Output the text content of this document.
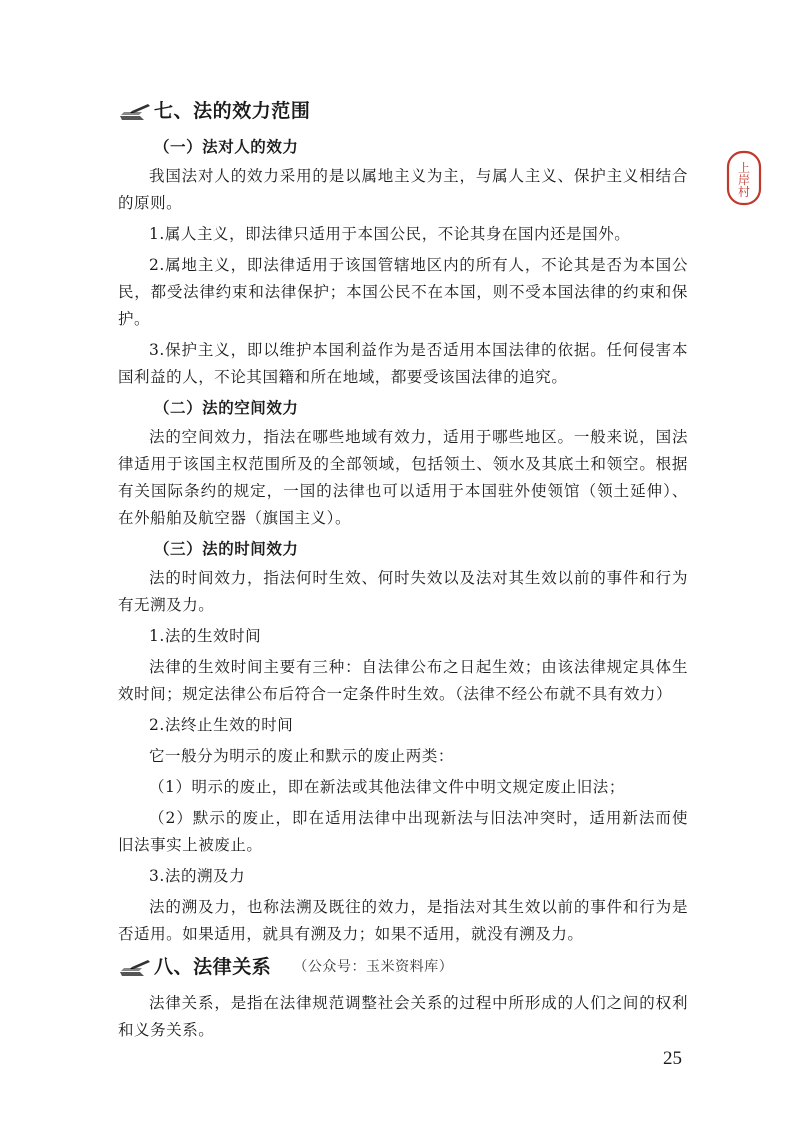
上
岸
村
七、法的效力范围
（一）法对人的效力

我国法对人的效力采用的是以属地主义为主，与属人主义、保护主义相结合的原则。

1.属人主义，即法律只适用于本国公民，不论其身在国内还是国外。

2.属地主义，即法律适用于该国管辖地区内的所有人，不论其是否为本国公民，都受法律约束和法律保护；本国公民不在本国，则不受本国法律的约束和保护。

3.保护主义，即以维护本国利益作为是否适用本国法律的依据。任何侵害本国利益的人，不论其国籍和所在地域，都要受该国法律的追究。

（二）法的空间效力

法的空间效力，指法在哪些地域有效力，适用于哪些地区。一般来说，国法律适用于该国主权范围所及的全部领域，包括领土、领水及其底土和领空。根据有关国际条约的规定，一国的法律也可以适用于本国驻外使领馆（领土延伸）、在外船舶及航空器（旗国主义）。

（三）法的时间效力

法的时间效力，指法何时生效、何时失效以及法对其生效以前的事件和行为有无溯及力。

1.法的生效时间

法律的生效时间主要有三种：自法律公布之日起生效；由该法律规定具体生效时间；规定法律公布后符合一定条件时生效。（法律不经公布就不具有效力）

2.法终止生效的时间

它一般分为明示的废止和默示的废止两类：

（1）明示的废止，即在新法或其他法律文件中明文规定废止旧法；

（2）默示的废止，即在适用法律中出现新法与旧法冲突时，适用新法而使旧法事实上被废止。

3.法的溯及力

法的溯及力，也称法溯及既往的效力，是指法对其生效以前的事件和行为是否适用。如果适用，就具有溯及力；如果不适用，就没有溯及力。

八、法律关系 （公众号：玉米资料库）

法律关系，是指在法律规范调整社会关系的过程中所形成的人们之间的权利和义务关系。

25
